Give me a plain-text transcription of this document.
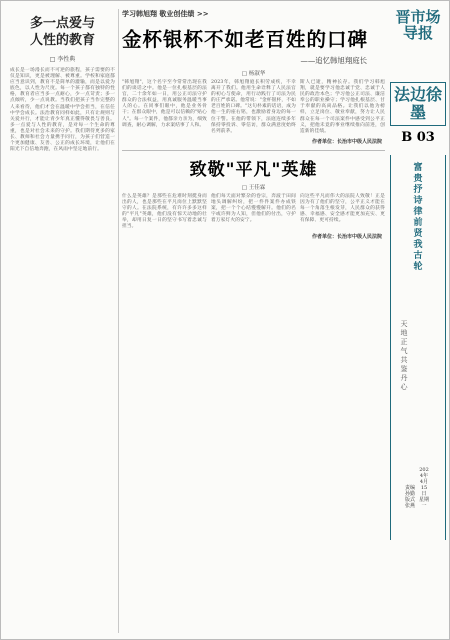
多一点爱与
人性的教育
□ 李性典
成长是一场漫长而不可逆的旅程，孩子需要的不仅是知识，更是被理解、被尊重。学校和家庭都应当意识到，教育不是简单的灌输，而是以爱为底色，以人性为尺度。每一个孩子都有独特的性格，教育者应当多一点耐心，少一点苛责；多一点倾听，少一点说教。当我们把孩子当作完整的人来看待，他们才会在温暖中学会担当，在信任中学会成长。法治教育同样如此，只有让规则与关爱并行，才能让青少年真正懂得敬畏与善良。多一点爱与人性的教育，是对每一个生命的尊重，也是对社会未来的守护。我们期待更多的家长、教师和社会力量携手同行，为孩子们营造一个更加健康、友善、公正的成长环境，让他们在阳光下自信地奔跑，在风雨中坚定地前行。
学习韩旭翔 敬业创佳绩 >>
金杯银杯不如老百姓的口碑
——追忆韩旭翔庭长
□ 杨淑华
"韩旭翔"，这个名字至今常常出现在我们的谈话之中。他是一位扎根基层的法官，二十余年如一日，用公正司法守护群众的合法权益，用真诚服务温暖当事人的心。在同事们眼中，他是业务骨干；在群众眼中，他是可以信赖的"贴心人"。每一个案件，他都亲力亲为，细致调查，耐心调解，力求案结事了人和。
2023年，韩旭翔庭长积劳成疾，不幸离开了我们。他用生命诠释了人民法官的初心与使命，用行动践行了司法为民的庄严承诺。他常说："金杯银杯，不如老百姓的口碑。"这句朴素的话语，成为他一生的座右铭，也激励着身边的每一位干警。在他的带领下，法庭连续多年保持零投诉、零信访，群众满意度始终名列前茅。
斯人已逝，精神长存。我们学习韩旭翔，就是要学习他忠诚于党、忠诚于人民的政治本色；学习他公正司法、廉洁奉公的职业操守；学习他扎根基层、甘于奉献的高尚品格。让我们以他为榜样，立足岗位、敬业奉献，努力让人民群众在每一个司法案件中感受到公平正义，把他未竟的事业继续推向前进，创造新的佳绩。
作者单位：长治市中级人民法院
致敬"平凡"英雄
□ 王佳霖
什么是英雄？是那些在危难时刻挺身而出的人，也是那些在平凡岗位上默默坚守的人。在法院系统，有许许多多这样的"平凡"英雄，他们没有惊天动地的壮举，却用日复一日的坚守书写着忠诚与担当。
他们每天面对繁杂的卷宗，奔波于田间地头调解纠纷，把一件件案件办成铁案，把一个个心结慢慢解开。他们的名字或许鲜为人知，但他们的付出，守护着万家灯火的安宁。
向这些平凡而伟大的法院人致敬！正是因为有了他们的坚守，公平正义才能在每一个角落生根发芽，人民群众的获得感、幸福感、安全感才能更加充实、更有保障、更可持续。
作者单位：长治市中级人民法院
晋市场导报
法边徐墨
B 03
富贵抒诗律 前贤我古轮
天地正气 共鉴丹心
2024年4月15日 星期一
责编 孙勤 版式 张燕
